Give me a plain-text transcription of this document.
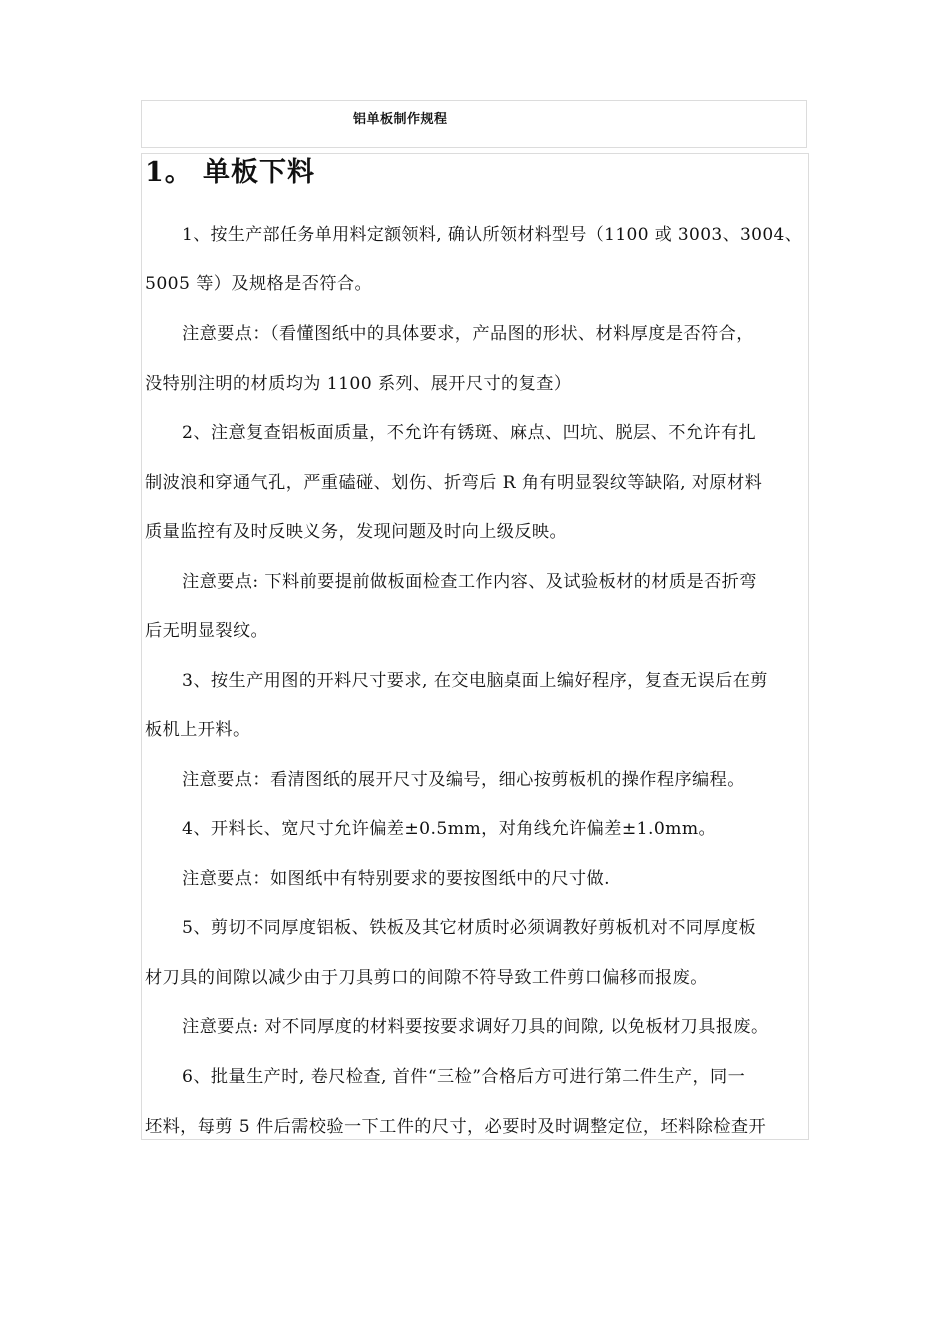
铝单板制作规程
1。 单板下料
1、按生产部任务单用料定额领料, 确认所领材料型号（1100 或 3003、3004、
5005 等）及规格是否符合。
注意要点：（看懂图纸中的具体要求，产品图的形状、材料厚度是否符合，
没特别注明的材质均为 1100 系列、展开尺寸的复查）
2、注意复查铝板面质量，不允许有锈斑、麻点、凹坑、脱层、不允许有扎
制波浪和穿通气孔，严重磕碰、划伤、折弯后 R 角有明显裂纹等缺陷, 对原材料
质量监控有及时反映义务，发现问题及时向上级反映。
注意要点: 下料前要提前做板面检查工作内容、及试验板材的材质是否折弯
后无明显裂纹。
3、按生产用图的开料尺寸要求, 在交电脑桌面上编好程序，复查无误后在剪
板机上开料。
注意要点：看清图纸的展开尺寸及编号，细心按剪板机的操作程序编程。
4、开料长、宽尺寸允许偏差±0.5mm，对角线允许偏差±1.0mm。
注意要点：如图纸中有特别要求的要按图纸中的尺寸做.
5、剪切不同厚度铝板、铁板及其它材质时必须调教好剪板机对不同厚度板
材刀具的间隙以减少由于刀具剪口的间隙不符导致工件剪口偏移而报废。
注意要点: 对不同厚度的材料要按要求调好刀具的间隙, 以免板材刀具报废。
6、批量生产时, 卷尺检查, 首件“三检”合格后方可进行第二件生产，同一
坯料，每剪 5 件后需校验一下工件的尺寸，必要时及时调整定位，坯料除检查开
